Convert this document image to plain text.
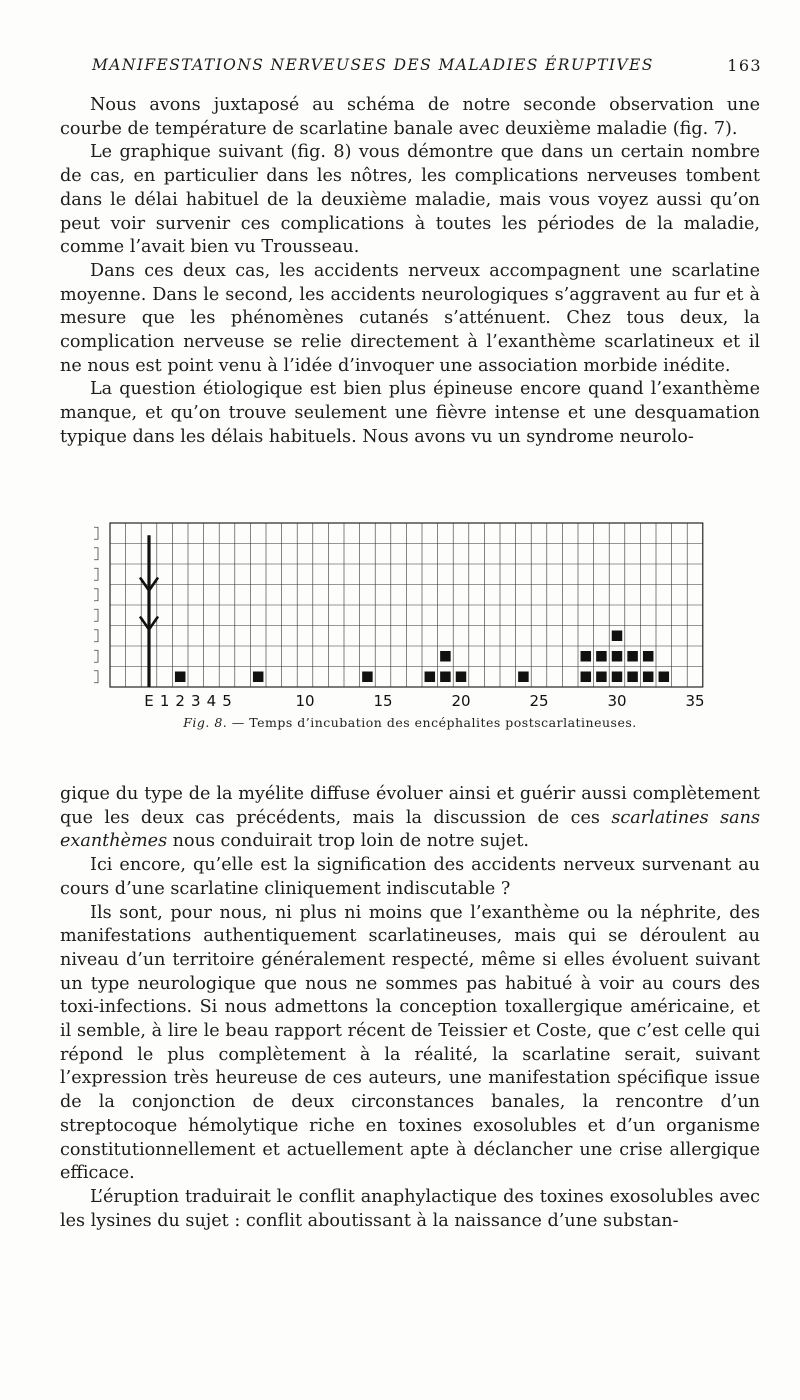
MANIFESTATIONS NERVEUSES DES MALADIES ÉRUPTIVES	163

Nous avons juxtaposé au schéma de notre seconde observation une courbe de température de scarlatine banale avec deuxième maladie (fig. 7).

Le graphique suivant (fig. 8) vous démontre que dans un certain nombre de cas, en particulier dans les nôtres, les complications nerveuses tombent dans le délai habituel de la deuxième maladie, mais vous voyez aussi qu’on peut voir survenir ces complications à toutes les périodes de la maladie, comme l’avait bien vu Trousseau.

Dans ces deux cas, les accidents nerveux accompagnent une scarlatine moyenne. Dans le second, les accidents neurologiques s’aggravent au fur et à mesure que les phénomènes cutanés s’atténuent. Chez tous deux, la complication nerveuse se relie directement à l’exanthème scarlatineux et il ne nous est point venu à l’idée d’invoquer une association morbide inédite.

La question étiologique est bien plus épineuse encore quand l’exanthème manque, et qu’on trouve seulement une fièvre intense et une desquamation typique dans les délais habituels. Nous avons vu un syndrome neurolo-

E 1 2 3 4 5	10	15	20	25	30	35
Fig. 8. — Temps d’incubation des encéphalites postscarlatineuses.

gique du type de la myélite diffuse évoluer ainsi et guérir aussi complètement que les deux cas précédents, mais la discussion de ces scarlatines sans exanthèmes nous conduirait trop loin de notre sujet.

Ici encore, qu’elle est la signification des accidents nerveux survenant au cours d’une scarlatine cliniquement indiscutable ?

Ils sont, pour nous, ni plus ni moins que l’exanthème ou la néphrite, des manifestations authentiquement scarlatineuses, mais qui se déroulent au niveau d’un territoire généralement respecté, même si elles évoluent suivant un type neurologique que nous ne sommes pas habitué à voir au cours des toxi-infections. Si nous admettons la conception toxallergique américaine, et il semble, à lire le beau rapport récent de Teissier et Coste, que c’est celle qui répond le plus complètement à la réalité, la scarlatine serait, suivant l’expression très heureuse de ces auteurs, une manifestation spécifique issue de la conjonction de deux circonstances banales, la rencontre d’un streptocoque hémolytique riche en toxines exosolubles et d’un organisme constitutionnellement et actuellement apte à déclancher une crise allergique efficace.

L’éruption traduirait le conflit anaphylactique des toxines exosolubles avec les lysines du sujet : conflit aboutissant à la naissance d’une substan-
